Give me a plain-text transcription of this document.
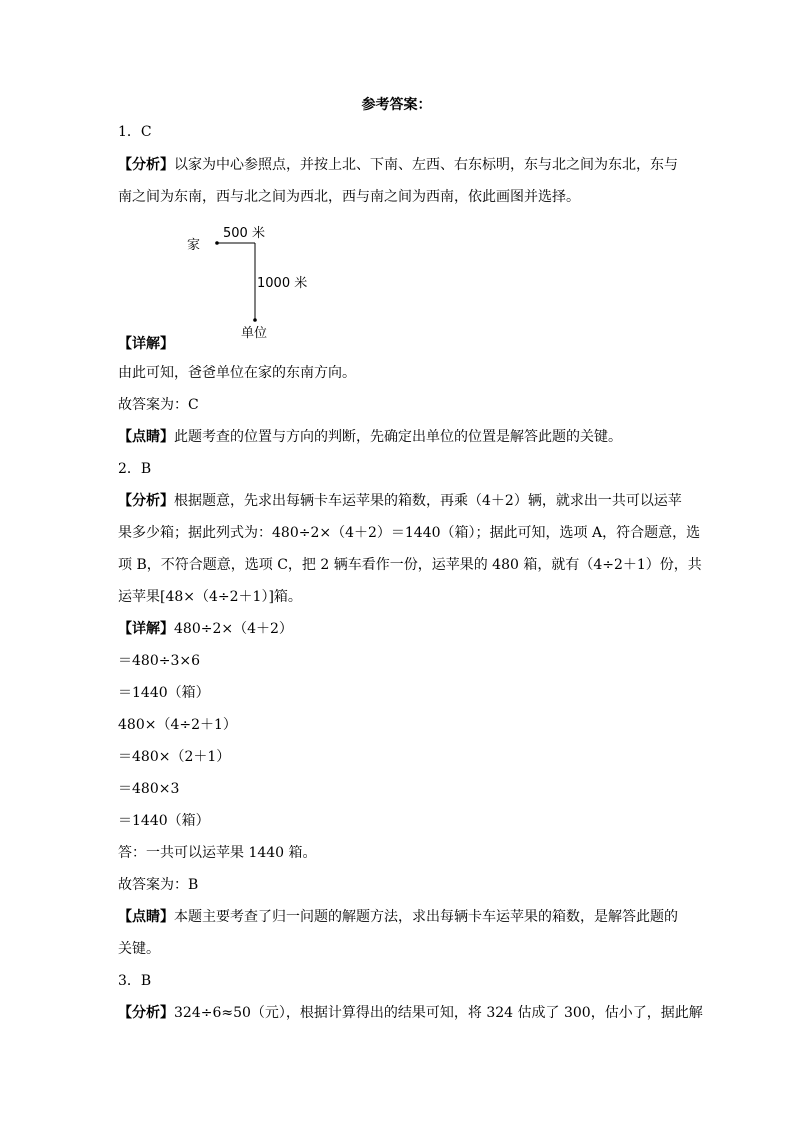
参考答案：
1．C
【分析】以家为中心参照点，并按上北、下南、左西、右东标明，东与北之间为东北，东与
南之间为东南，西与北之间为西北，西与南之间为西南，依此画图并选择。
家
500 米
1000 米
单位
【详解】
由此可知，爸爸单位在家的东南方向。
故答案为：C
【点睛】此题考查的位置与方向的判断，先确定出单位的位置是解答此题的关键。
2．B
【分析】根据题意，先求出每辆卡车运苹果的箱数，再乘（4＋2）辆，就求出一共可以运苹
果多少箱；据此列式为：480÷2×（4＋2）＝1440（箱）；据此可知，选项 A，符合题意，选
项 B，不符合题意，选项 C，把 2 辆车看作一份，运苹果的 480 箱，就有（4÷2＋1）份，共
运苹果[48×（4÷2＋1）]箱。
【详解】480÷2×（4＋2）
＝480÷3×6
＝1440（箱）
480×（4÷2＋1）
＝480×（2＋1）
＝480×3
＝1440（箱）
答：一共可以运苹果 1440 箱。
故答案为：B
【点睛】本题主要考查了归一问题的解题方法，求出每辆卡车运苹果的箱数，是解答此题的
关键。
3．B
【分析】324÷6≈50（元），根据计算得出的结果可知，将 324 估成了 300，估小了，据此解
